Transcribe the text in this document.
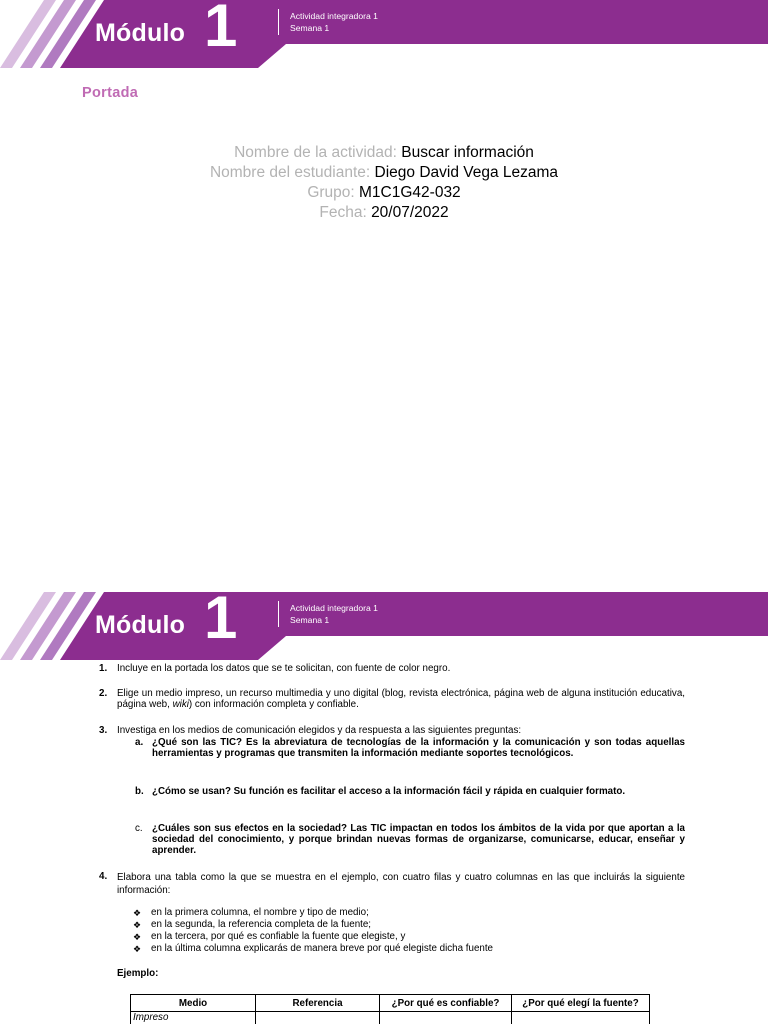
Módulo 1	Actividad integradora 1
Semana 1
Portada
Nombre de la actividad: Buscar información
Nombre del estudiante: Diego David Vega Lezama
Grupo: M1C1G42-032
Fecha: 20/07/2022
Módulo 1	Actividad integradora 1
Semana 1
1. Incluye en la portada los datos que se te solicitan, con fuente de color negro.
2. Elige un medio impreso, un recurso multimedia y uno digital (blog, revista electrónica, página web de alguna institución educativa, página web, wiki) con información completa y confiable.
3. Investiga en los medios de comunicación elegidos y da respuesta a las siguientes preguntas:
a. ¿Qué son las TIC? Es la abreviatura de tecnologías de la información y la comunicación y son todas aquellas herramientas y programas que transmiten la información mediante soportes tecnológicos.
b. ¿Cómo se usan? Su función es facilitar el acceso a la información fácil y rápida en cualquier formato.
c. ¿Cuáles son sus efectos en la sociedad? Las TIC impactan en todos los ámbitos de la vida por que aportan a la sociedad del conocimiento, y porque brindan nuevas formas de organizarse, comunicarse, educar, enseñar y aprender.
4. Elabora una tabla como la que se muestra en el ejemplo, con cuatro filas y cuatro columnas en las que incluirás la siguiente información:
❖ en la primera columna, el nombre y tipo de medio;
❖ en la segunda, la referencia completa de la fuente;
❖ en la tercera, por qué es confiable la fuente que elegiste, y
❖ en la última columna explicarás de manera breve por qué elegiste dicha fuente
Ejemplo:
Medio	Referencia	¿Por qué es confiable?	¿Por qué elegí la fuente?
Impreso			
